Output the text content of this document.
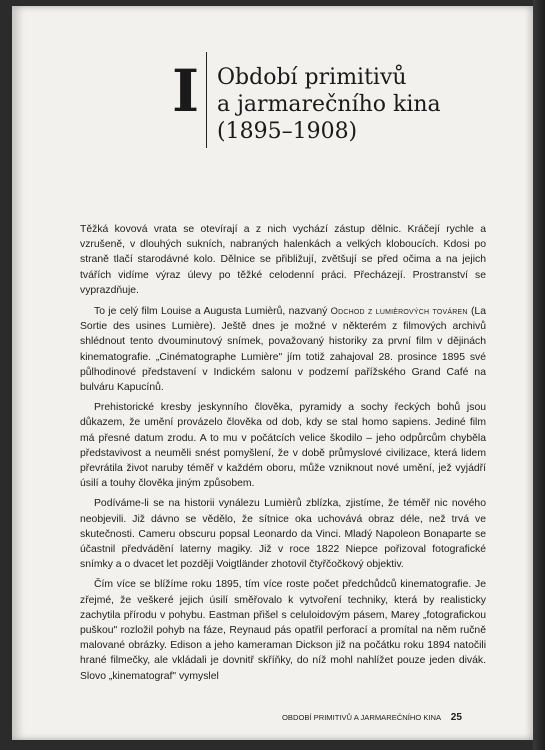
I Období primitivů
a jarmarečního kina
(1895–1908)

Těžká kovová vrata se otevírají a z nich vychází zástup dělnic. Kráčejí rychle a vzrušeně, v dlouhých sukních, nabraných halenkách a velkých kloboucích. Kdosi po straně tlačí starodávné kolo. Dělnice se přibližují, zvětšují se před očima a na jejich tvářích vidíme výraz úlevy po těžké celodenní práci. Přecházejí. Prostranství se vyprazdňuje.

To je celý film Louise a Augusta Lumièrů, nazvaný Odchod z lumièrových továren (La Sortie des usines Lumière). Ještě dnes je možné v některém z filmových archivů shlédnout tento dvouminutový snímek, považovaný historiky za první film v dějinách kinematografie. „Cinématographe Lumière" jím totiž zahajoval 28. prosince 1895 své půlhodinové představení v Indickém salonu v podzemí pařížského Grand Café na bulváru Kapucínů.

Prehistorické kresby jeskynního člověka, pyramidy a sochy řeckých bohů jsou důkazem, že umění provázelo člověka od dob, kdy se stal homo sapiens. Jediné film má přesné datum zrodu. A to mu v počátcích velice škodilo – jeho odpůrcům chyběla představivost a neuměli snést pomyšlení, že v době průmyslové civilizace, která lidem převrátila život naruby téměř v každém oboru, může vzniknout nové umění, jež vyjádří úsilí a touhy člověka jiným způsobem.

Podíváme-li se na historii vynálezu Lumièrů zblízka, zjistíme, že téměř nic nového neobjevili. Již dávno se vědělo, že sítnice oka uchovává obraz déle, než trvá ve skutečnosti. Cameru obscuru popsal Leonardo da Vinci. Mladý Napoleon Bonaparte se účastnil předvádění laterny magiky. Již v roce 1822 Niepce pořizoval fotografické snímky a o dvacet let později Voigtländer zhotovil čtyřčočkový objektiv.

Čím více se blížíme roku 1895, tím více roste počet předchůdců kinematografie. Je zřejmé, že veškeré jejich úsilí směřovalo k vytvoření techniky, která by realisticky zachytila přírodu v pohybu. Eastman přišel s celuloidovým pásem, Marey „fotografickou puškou" rozložil pohyb na fáze, Reynaud pás opatřil perforací a promítal na něm ručně malované obrázky. Edison a jeho kameraman Dickson již na počátku roku 1894 natočili hrané filmečky, ale vkládali je dovnitř skříňky, do níž mohl nahlížet pouze jeden divák. Slovo „kinematograf" vymyslel

OBDOBÍ PRIMITIVŮ A JARMAREČNÍHO KINA 25
